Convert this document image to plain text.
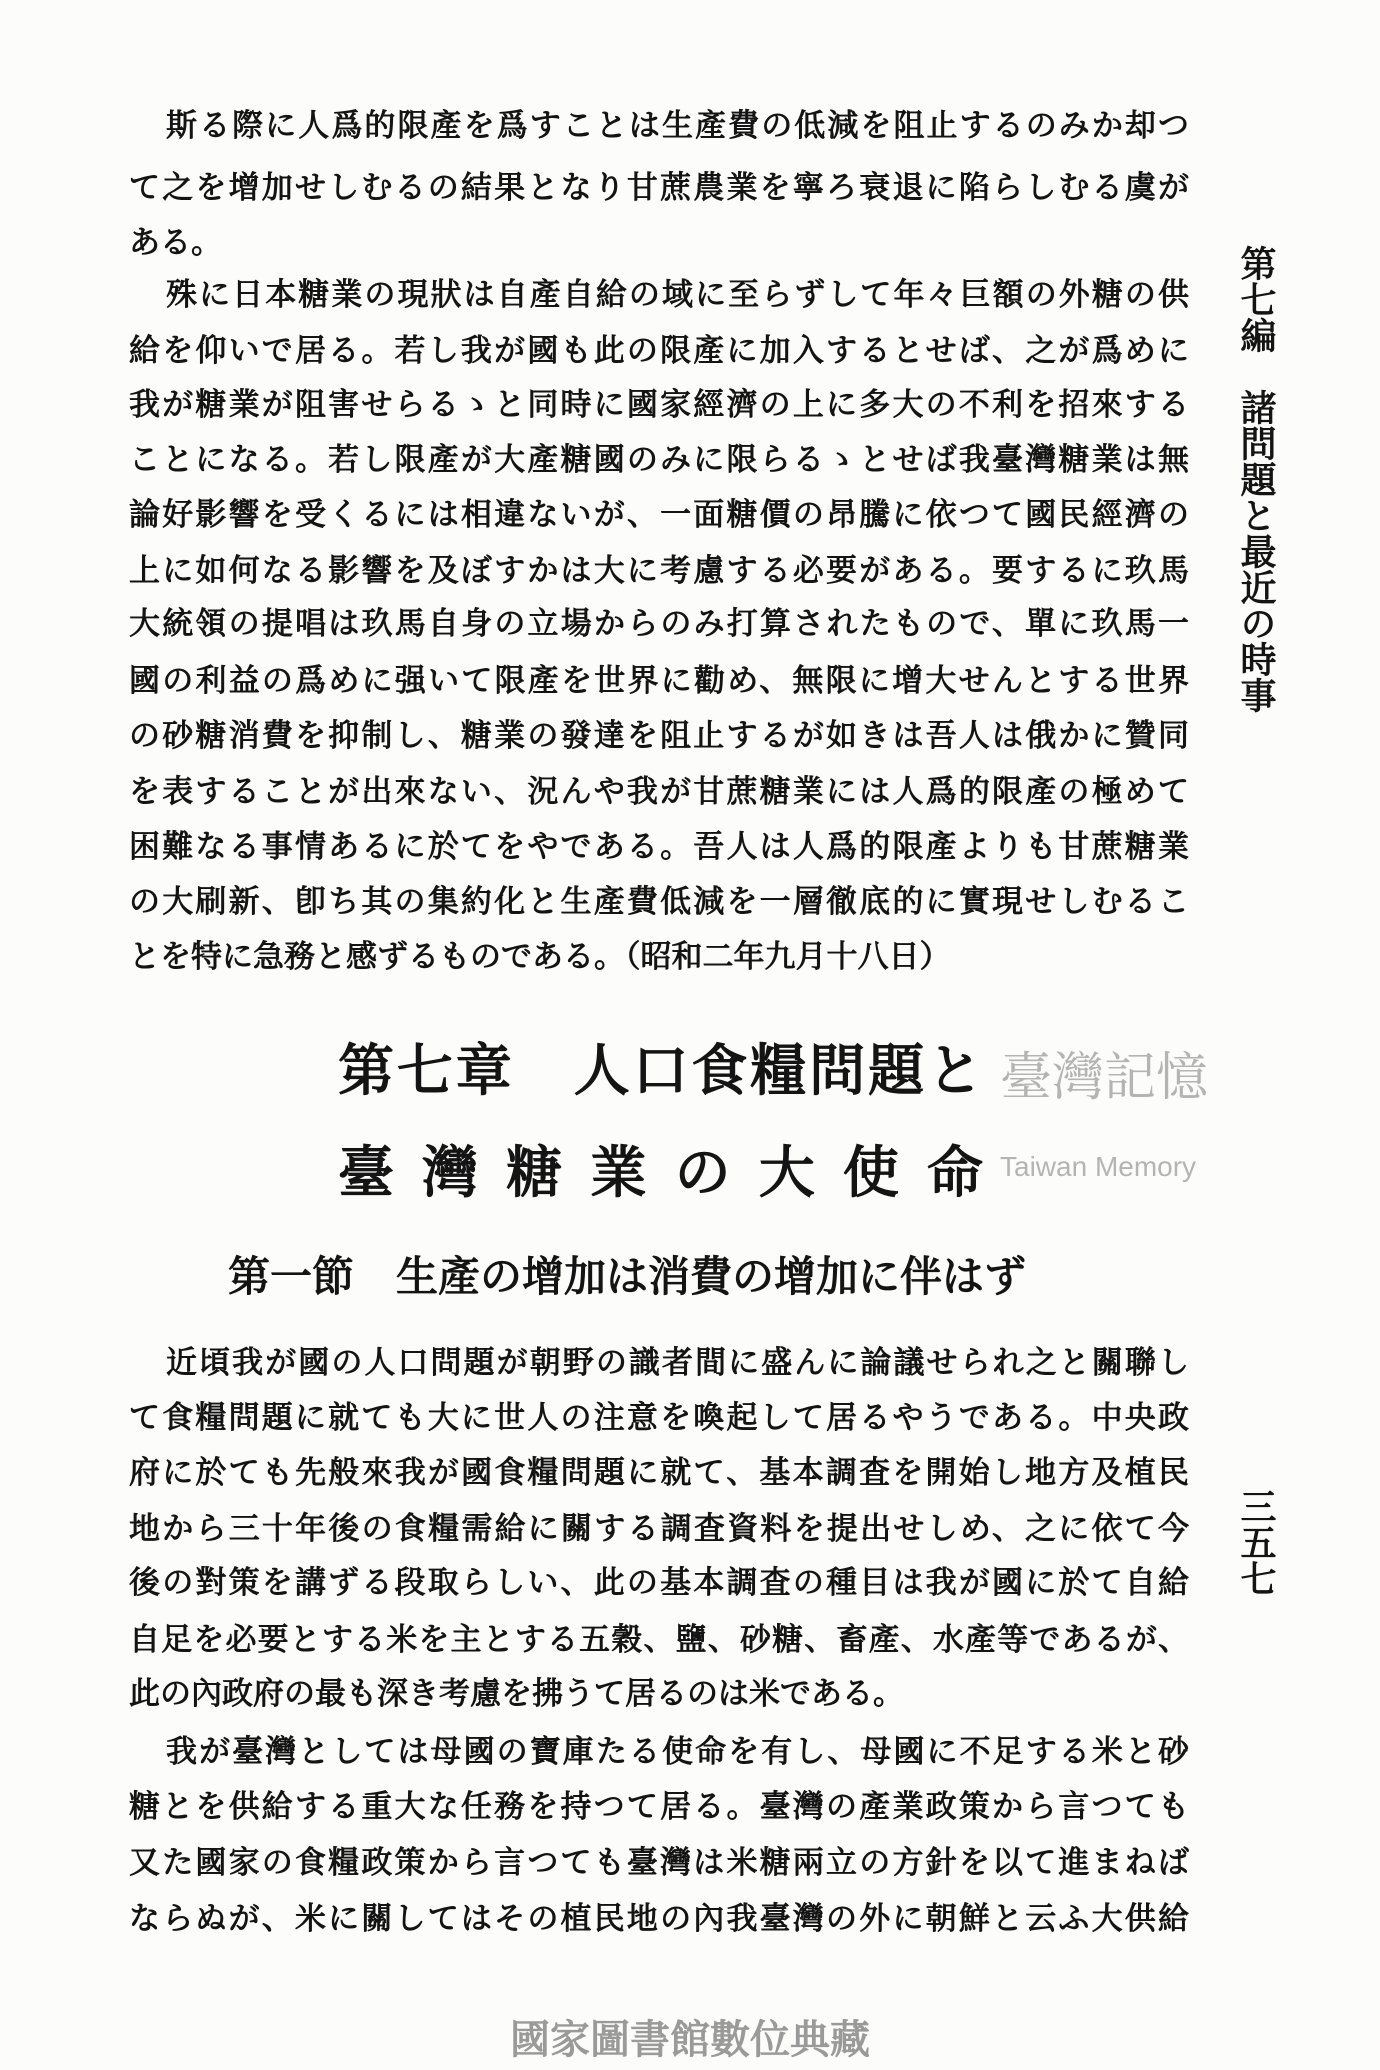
斯る際に人爲的限產を爲すことは生產費の低減を阻止するのみか却つ
て之を增加せしむるの結果となり甘蔗農業を寧ろ衰退に陷らしむる虞が
ある。
殊に日本糖業の現狀は自產自給の域に至らずして年々巨額の外糖の供
給を仰いで居る。若し我が國も此の限產に加入するとせば、之が爲めに
我が糖業が阻害せらるゝと同時に國家經濟の上に多大の不利を招來する
ことになる。若し限產が大產糖國のみに限らるゝとせば我臺灣糖業は無
論好影響を受くるには相違ないが、一面糖價の昂騰に依つて國民經濟の
上に如何なる影響を及ぼすかは大に考慮する必要がある。要するに玖馬
大統領の提唱は玖馬自身の立場からのみ打算されたもので、單に玖馬一
國の利益の爲めに强いて限產を世界に勸め、無限に增大せんとする世界
の砂糖消費を抑制し、糖業の發達を阻止するが如きは吾人は俄かに贊同
を表することが出來ない、況んや我が甘蔗糖業には人爲的限產の極めて
困難なる事情あるに於てをやである。吾人は人爲的限產よりも甘蔗糖業
の大刷新、卽ち其の集約化と生產費低減を一層徹底的に實現せしむるこ
とを特に急務と感ずるものである。（昭和二年九月十八日）
第七章　人口食糧問題と
臺灣糖業の大使命
第一節　生產の增加は消費の增加に伴はず
近頃我が國の人口問題が朝野の識者間に盛んに論議せられ之と關聯し
て食糧問題に就ても大に世人の注意を喚起して居るやうである。中央政
府に於ても先般來我が國食糧問題に就て、基本調査を開始し地方及植民
地から三十年後の食糧需給に關する調査資料を提出せしめ、之に依て今
後の對策を講ずる段取らしい、此の基本調査の種目は我が國に於て自給
自足を必要とする米を主とする五穀、鹽、砂糖、畜產、水產等であるが、
此の內政府の最も深き考慮を拂うて居るのは米である。
我が臺灣としては母國の寶庫たる使命を有し、母國に不足する米と砂
糖とを供給する重大な任務を持つて居る。臺灣の產業政策から言つても
又た國家の食糧政策から言つても臺灣は米糖兩立の方針を以て進まねば
ならぬが、米に關してはその植民地の內我臺灣の外に朝鮮と云ふ大供給
第七編　諸問題と最近の時事
三五七
臺灣記憶
Taiwan Memory
國家圖書館數位典藏
